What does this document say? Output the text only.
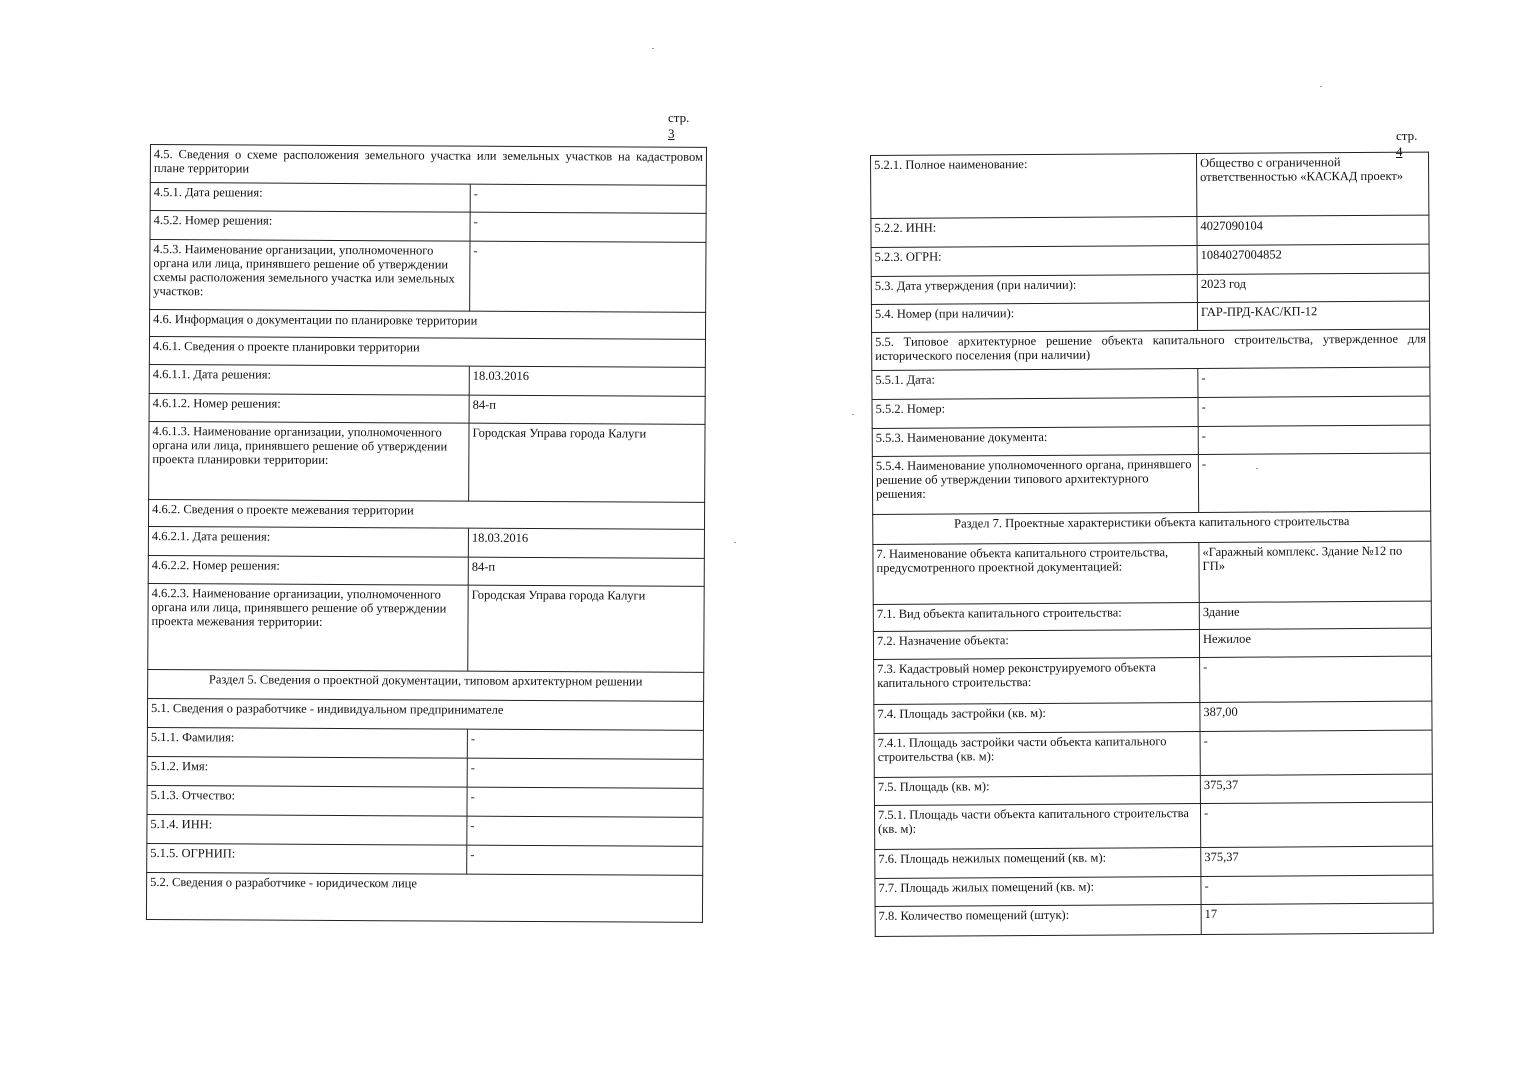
стр. 3
4.5. Сведения о схеме расположения земельного участка или земельных участков на кадастровом плане территории	
4.5.1. Дата решения:	-
4.5.2. Номер решения:	-
4.5.3. Наименование организации, уполномоченного органа или лица, принявшего решение об утверждении схемы расположения земельного участка или земельных участков:	-
4.6. Информация о документации по планировке территории	
4.6.1. Сведения о проекте планировки территории	
4.6.1.1. Дата решения:	18.03.2016
4.6.1.2. Номер решения:	84-п
4.6.1.3. Наименование организации, уполномоченного органа или лица, принявшего решение об утверждении проекта планировки территории:	Городская Управа города Калуги
4.6.2. Сведения о проекте межевания территории	
4.6.2.1. Дата решения:	18.03.2016
4.6.2.2. Номер решения:	84-п
4.6.2.3. Наименование организации, уполномоченного органа или лица, принявшего решение об утверждении проекта межевания территории:	Городская Управа города Калуги
Раздел 5. Сведения о проектной документации, типовом архитектурном решении	
5.1. Сведения о разработчике - индивидуальном предпринимателе	
5.1.1. Фамилия:	-
5.1.2. Имя:	-
5.1.3. Отчество:	-
5.1.4. ИНН:	-
5.1.5. ОГРНИП:	-
5.2. Сведения о разработчике - юридическом лице	
стр. 4
5.2.1. Полное наименование:	Общество с ограниченной ответственностью «КАСКАД проект»
5.2.2. ИНН:	4027090104
5.2.3. ОГРН:	1084027004852
5.3. Дата утверждения (при наличии):	2023 год
5.4. Номер (при наличии):	ГАР-ПРД-КАС/КП-12
5.5. Типовое архитектурное решение объекта капитального строительства, утвержденное для исторического поселения (при наличии)	
5.5.1. Дата:	-
5.5.2. Номер:	-
5.5.3. Наименование документа:	-
5.5.4. Наименование уполномоченного органа, принявшего решение об утверждении типового архитектурного решения:	-
Раздел 7. Проектные характеристики объекта капитального строительства	
7. Наименование объекта капитального строительства, предусмотренного проектной документацией:	«Гаражный комплекс. Здание №12 по ГП»
7.1. Вид объекта капитального строительства:	Здание
7.2. Назначение объекта:	Нежилое
7.3. Кадастровый номер реконструируемого объекта капитального строительства:	-
7.4. Площадь застройки (кв. м):	387,00
7.4.1. Площадь застройки части объекта капитального строительства (кв. м):	-
7.5. Площадь (кв. м):	375,37
7.5.1. Площадь части объекта капитального строительства (кв. м):	-
7.6. Площадь нежилых помещений (кв. м):	375,37
7.7. Площадь жилых помещений (кв. м):	-
7.8. Количество помещений (штук):	17
